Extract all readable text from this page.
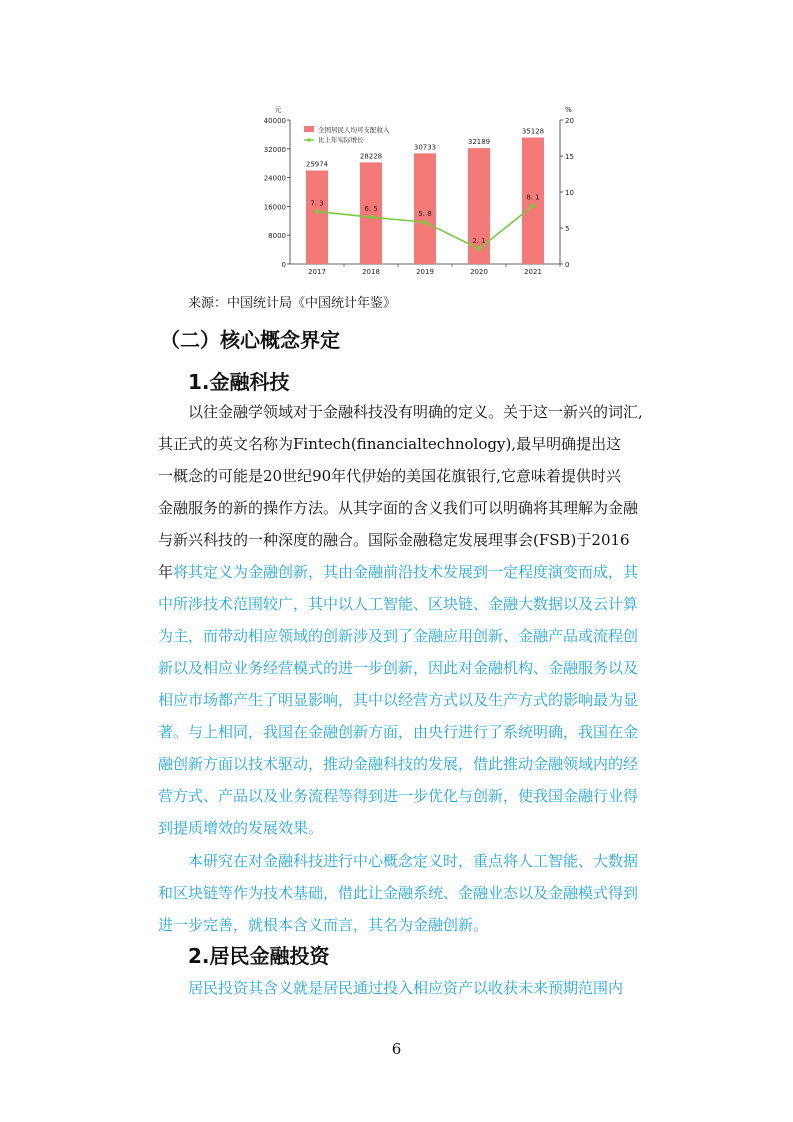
0
8000
16000
24000
32000
40000
元
0
5
10
15
20
%
25974
28228
30733
32189
35128
2017	2018	2019	2020	2021
7. 3
6. 5
5. 8
2. 1
8. 1
全国居民人均可支配收入
比上年实际增长
来源：中国统计局《中国统计年鉴》
（二）核心概念界定
1.金融科技
以往金融学领域对于金融科技没有明确的定义。关于这一新兴的词汇,
其正式的英文名称为Fintech(financialtechnology),最早明确提出这
一概念的可能是20世纪90年代伊始的美国花旗银行,它意味着提供时兴
金融服务的新的操作方法。从其字面的含义我们可以明确将其理解为金融
与新兴科技的一种深度的融合。国际金融稳定发展理事会(FSB)于2016
年将其定义为金融创新，其由金融前沿技术发展到一定程度演变而成，其
中所涉技术范围较广，其中以人工智能、区块链、金融大数据以及云计算
为主，而带动相应领域的创新涉及到了金融应用创新、金融产品或流程创
新以及相应业务经营模式的进一步创新，因此对金融机构、金融服务以及
相应市场都产生了明显影响，其中以经营方式以及生产方式的影响最为显
著。与上相同，我国在金融创新方面，由央行进行了系统明确，我国在金
融创新方面以技术驱动，推动金融科技的发展，借此推动金融领域内的经
营方式、产品以及业务流程等得到进一步优化与创新，使我国金融行业得
到提质增效的发展效果。
本研究在对金融科技进行中心概念定义时，重点将人工智能、大数据
和区块链等作为技术基础，借此让金融系统、金融业态以及金融模式得到
进一步完善，就根本含义而言，其名为金融创新。
2.居民金融投资
居民投资其含义就是居民通过投入相应资产以收获未来预期范围内
6
